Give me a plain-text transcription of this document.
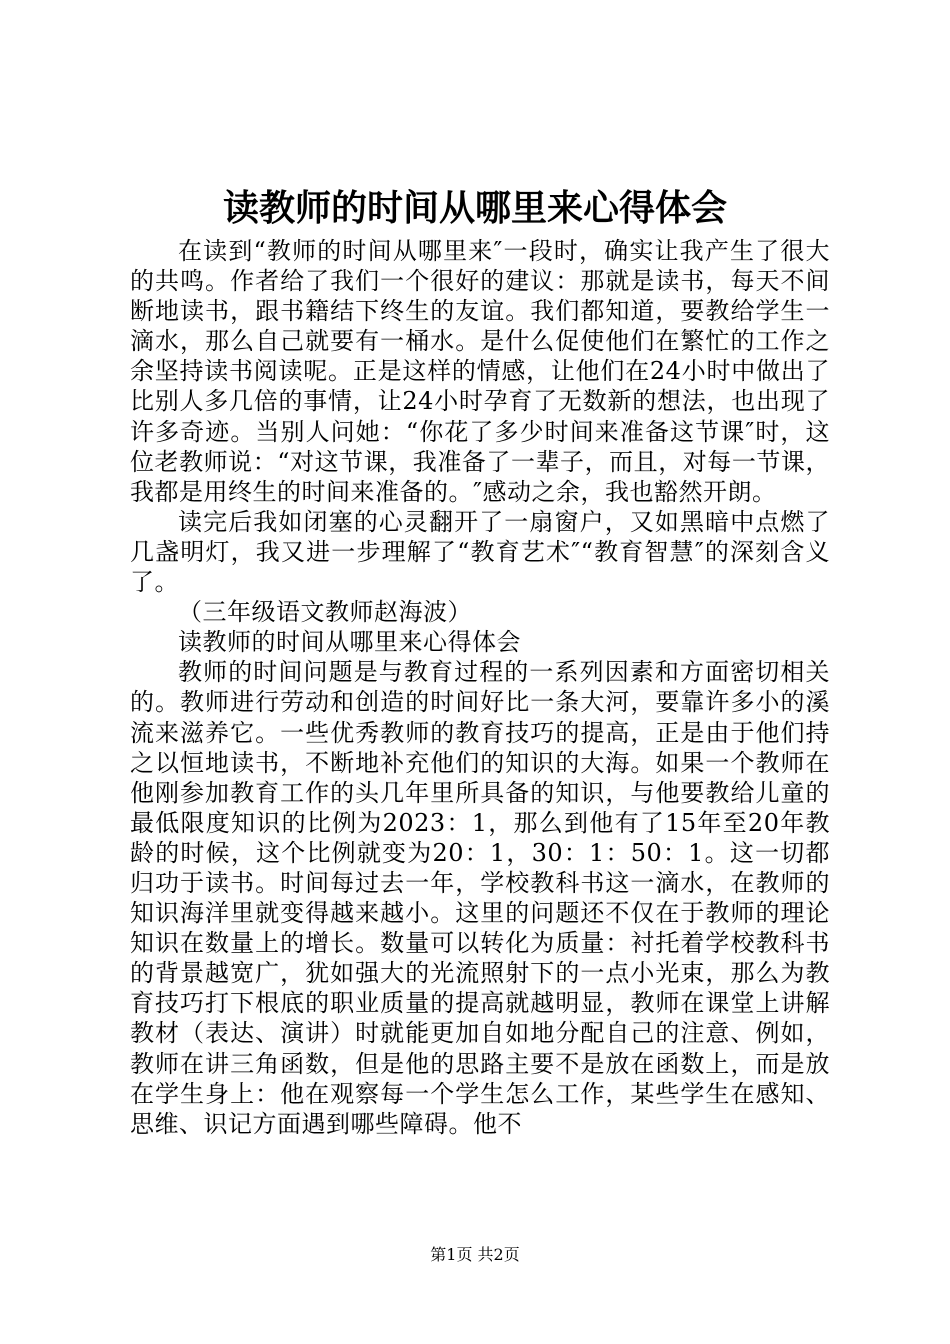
读教师的时间从哪里来心得体会

在读到“教师的时间从哪里来″一段时，确实让我产生了很大的共鸣。作者给了我们一个很好的建议：那就是读书，每天不间断地读书，跟书籍结下终生的友谊。我们都知道，要教给学生一滴水，那么自己就要有一桶水。是什么促使他们在繁忙的工作之余坚持读书阅读呢。正是这样的情感，让他们在24小时中做出了比别人多几倍的事情，让24小时孕育了无数新的想法，也出现了许多奇迹。当别人问她：“你花了多少时间来准备这节课″时，这位老教师说：“对这节课，我准备了一辈子，而且，对每一节课，我都是用终生的时间来准备的。″感动之余，我也豁然开朗。

读完后我如闭塞的心灵翻开了一扇窗户，又如黑暗中点燃了几盏明灯，我又进一步理解了“教育艺术″“教育智慧″的深刻含义了。

（三年级语文教师赵海波）

读教师的时间从哪里来心得体会

教师的时间问题是与教育过程的一系列因素和方面密切相关的。教师进行劳动和创造的时间好比一条大河，要靠许多小的溪流来滋养它。一些优秀教师的教育技巧的提高，正是由于他们持之以恒地读书，不断地补充他们的知识的大海。如果一个教师在他刚参加教育工作的头几年里所具备的知识，与他要教给儿童的最低限度知识的比例为2023：1，那么到他有了15年至20年教龄的时候，这个比例就变为20：1，30：1：50：1。这一切都归功于读书。时间每过去一年，学校教科书这一滴水，在教师的知识海洋里就变得越来越小。这里的问题还不仅在于教师的理论知识在数量上的增长。数量可以转化为质量：衬托着学校教科书的背景越宽广，犹如强大的光流照射下的一点小光束，那么为教育技巧打下根底的职业质量的提高就越明显，教师在课堂上讲解教材（表达、演讲）时就能更加自如地分配自己的注意、例如，教师在讲三角函数，但是他的思路主要不是放在函数上，而是放在学生身上：他在观察每一个学生怎么工作，某些学生在感知、思维、识记方面遇到哪些障碍。他不

第1页 共2页
